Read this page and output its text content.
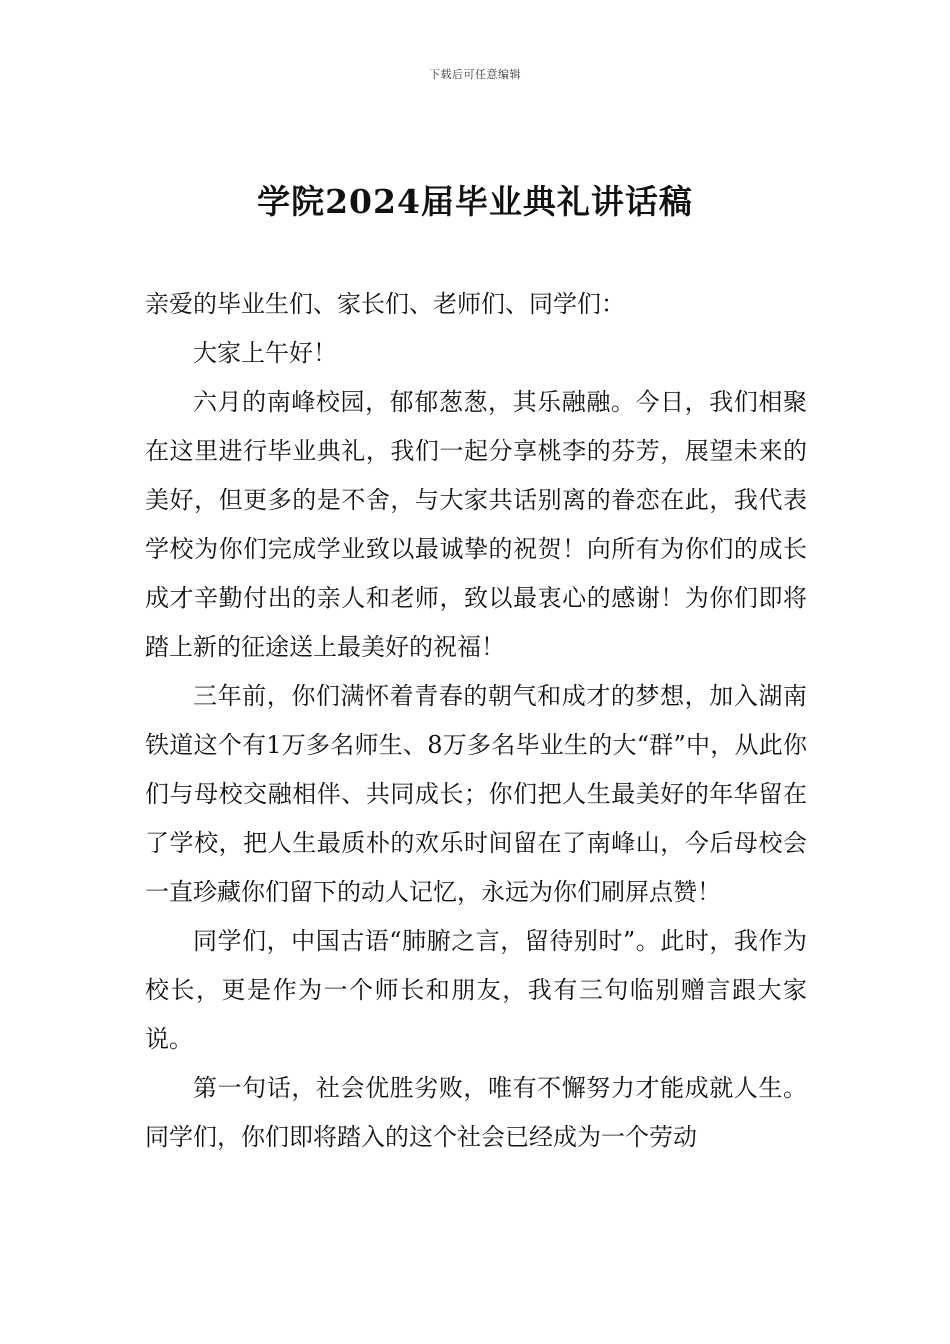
下载后可任意编辑
学院2024届毕业典礼讲话稿

亲爱的毕业生们、家长们、老师们、同学们：

大家上午好！

六月的南峰校园，郁郁葱葱，其乐融融。今日，我们相聚在这里进行毕业典礼，我们一起分享桃李的芬芳，展望未来的美好，但更多的是不舍，与大家共话别离的眷恋在此，我代表学校为你们完成学业致以最诚挚的祝贺！向所有为你们的成长成才辛勤付出的亲人和老师，致以最衷心的感谢！为你们即将踏上新的征途送上最美好的祝福！

三年前，你们满怀着青春的朝气和成才的梦想，加入湖南铁道这个有1万多名师生、8万多名毕业生的大“群”中，从此你们与母校交融相伴、共同成长；你们把人生最美好的年华留在了学校，把人生最质朴的欢乐时间留在了南峰山，今后母校会一直珍藏你们留下的动人记忆，永远为你们刷屏点赞！

同学们，中国古语“肺腑之言，留待别时”。此时，我作为校长，更是作为一个师长和朋友，我有三句临别赠言跟大家说。

第一句话，社会优胜劣败，唯有不懈努力才能成就人生。同学们，你们即将踏入的这个社会已经成为一个劳动
